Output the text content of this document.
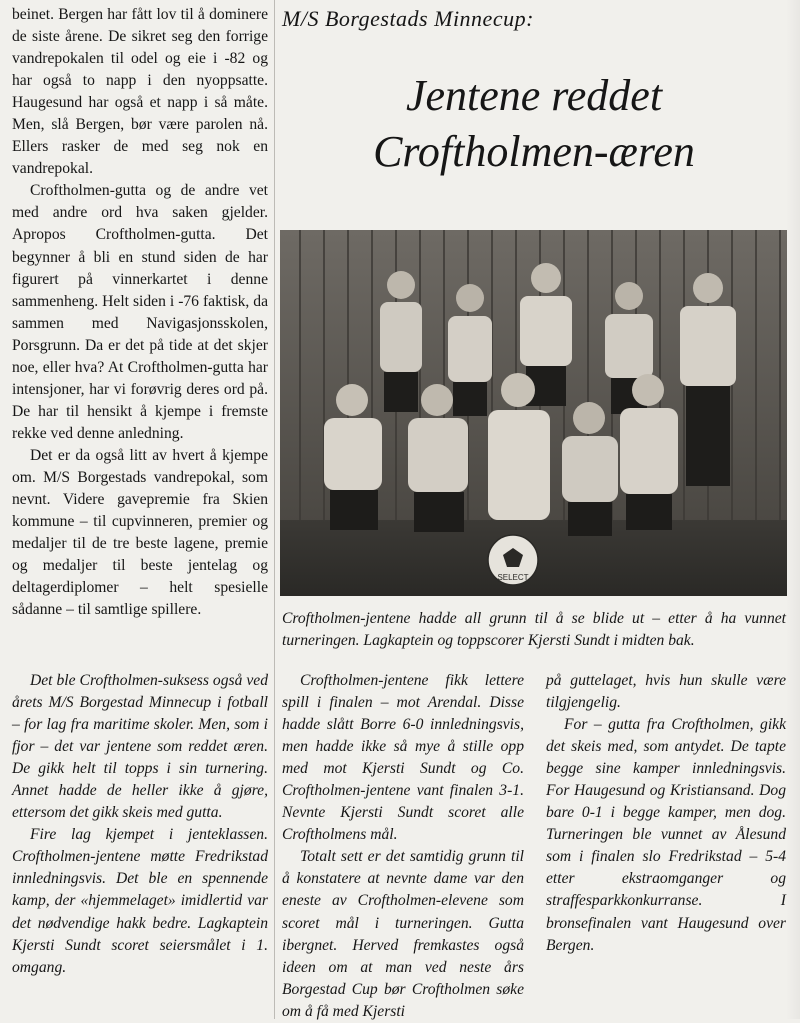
beinet. Bergen har fått lov til å dominere de siste årene. De sikret seg den forrige vandrepokalen til odel og eie i -82 og har også to napp i den nyoppsatte. Haugesund har også et napp i så måte. Men, slå Bergen, bør være parolen nå. Ellers rasker de med seg nok en vandrepokal.

Croftholmen-gutta og de andre vet med andre ord hva saken gjelder. Apropos Croftholmen-gutta. Det begynner å bli en stund siden de har figurert på vinnerkartet i denne sammenheng. Helt siden i -76 faktisk, da sammen med Navigasjonsskolen, Porsgrunn. Da er det på tide at det skjer noe, eller hva? At Croftholmen-gutta har intensjoner, har vi forøvrig deres ord på. De har til hensikt å kjempe i fremste rekke ved denne anledning.

Det er da også litt av hvert å kjempe om. M/S Borgestads vandrepokal, som nevnt. Videre gavepremie fra Skien kommune – til cupvinneren, premier og medaljer til de tre beste lagene, premie og medaljer til beste jentelag og deltagerdiplomer – helt spesielle sådanne – til samtlige spillere.

M/S Borgestads Minnecup:
Jentene reddet
Croftholmen-æren
SELECT
Croftholmen-jentene hadde all grunn til å se blide ut – etter å ha vunnet turneringen. Lagkaptein og toppscorer Kjersti Sundt i midten bak.

Det ble Croftholmen-suksess også ved årets M/S Borgestad Minnecup i fotball – for lag fra maritime skoler. Men, som i fjor – det var jentene som reddet æren. De gikk helt til topps i sin turnering. Annet hadde de heller ikke å gjøre, ettersom det gikk skeis med gutta.

Fire lag kjempet i jenteklassen. Croftholmen-jentene møtte Fredrikstad innledningsvis. Det ble en spennende kamp, der «hjemmelaget» imidlertid var det nødvendige hakk bedre. Lagkaptein Kjersti Sundt scoret seiersmålet i 1. omgang.

Croftholmen-jentene fikk lettere spill i finalen – mot Arendal. Disse hadde slått Borre 6-0 innledningsvis, men hadde ikke så mye å stille opp med mot Kjersti Sundt og Co. Croftholmen-jentene vant finalen 3-1. Nevnte Kjersti Sundt scoret alle Croftholmens mål.

Totalt sett er det samtidig grunn til å konstatere at nevnte dame var den eneste av Croftholmen-elevene som scoret mål i turneringen. Gutta ibergnet. Herved fremkastes også ideen om at man ved neste års Borgestad Cup bør Croftholmen søke om å få med Kjersti

på guttelaget, hvis hun skulle være tilgjengelig.

For – gutta fra Croftholmen, gikk det skeis med, som antydet. De tapte begge sine kamper innledningsvis. For Haugesund og Kristiansand. Dog bare 0-1 i begge kamper, men dog. Turneringen ble vunnet av Ålesund som i finalen slo Fredrikstad – 5-4 etter ekstraomganger og straffesparkkonkurranse. I bronsefinalen vant Haugesund over Bergen.
